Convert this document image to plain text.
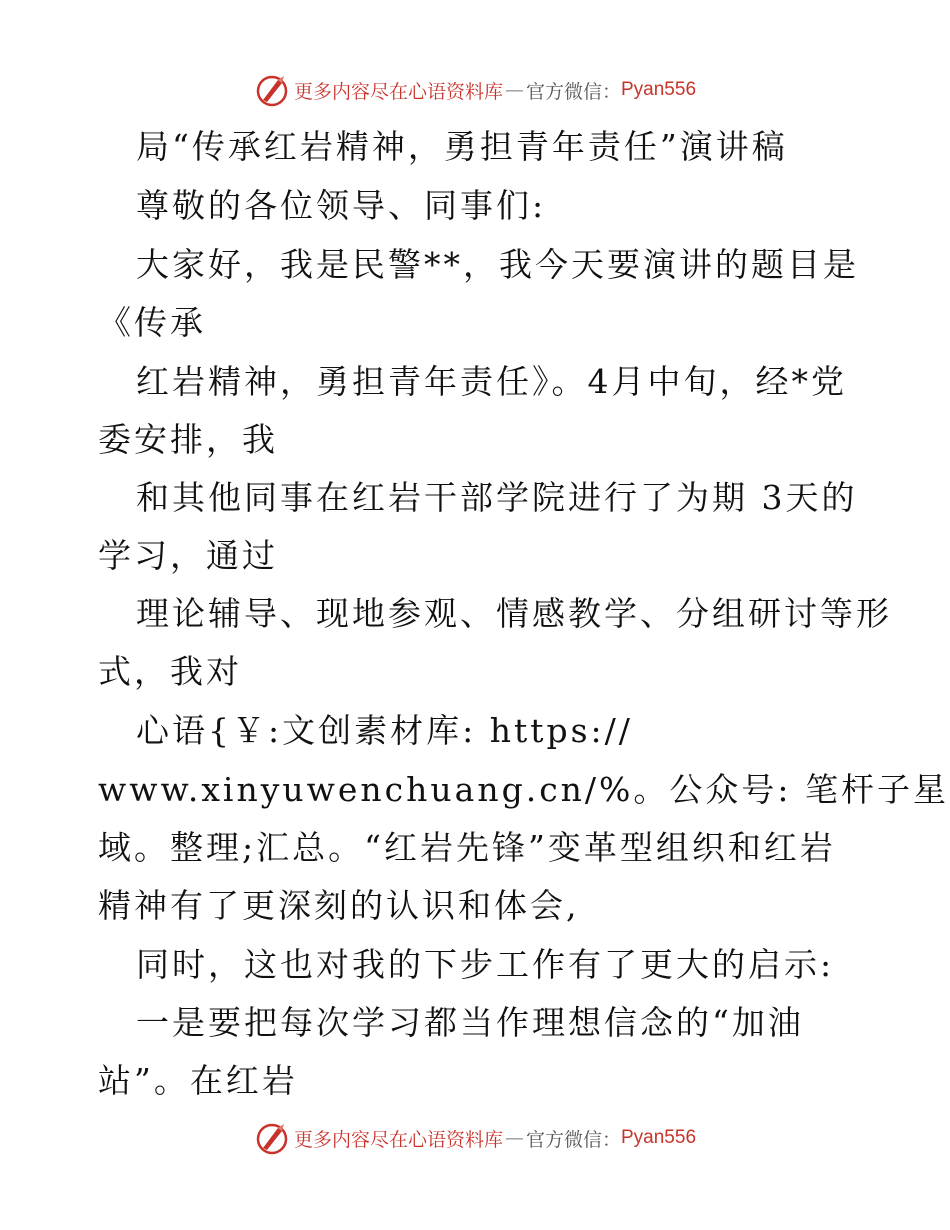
更多内容尽在心语资料库 — 官方微信： Pyan556
局“传承红岩精神，勇担青年责任”演讲稿
尊敬的各位领导、同事们:
大家好，我是民警**，我今天要演讲的题目是
《传承
红岩精神，勇担青年责任》。4月中旬，经*党
委安排，我
和其他同事在红岩干部学院进行了为期 3天的
学习，通过
理论辅导、现地参观、情感教学、分组研讨等形
式，我对
心语{￥:文创素材库: https://
www.xinyuwenchuang.cn/%。公众号: 笔杆子星
域。整理;汇总。“红岩先锋”变革型组织和红岩
精神有了更深刻的认识和体会,
同时，这也对我的下步工作有了更大的启示:
一是要把每次学习都当作理想信念的“加油
站”。在红岩
更多内容尽在心语资料库 — 官方微信： Pyan556
